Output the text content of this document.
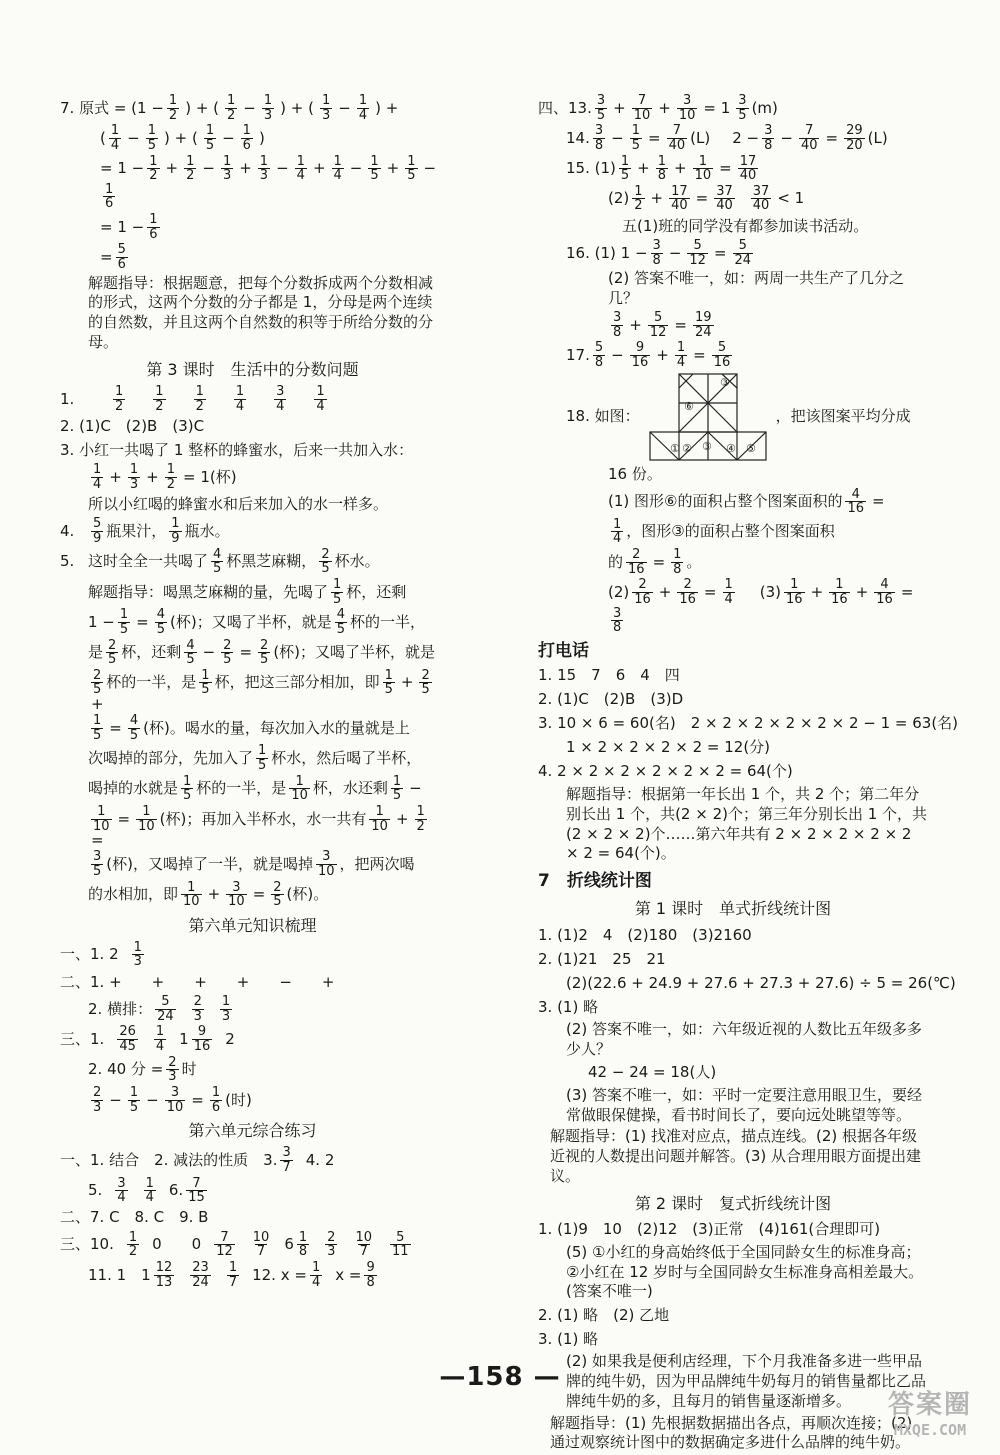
7. 原式 = ($1 - \frac{1}{2}$ ) + ( 1
$2 - \frac{1}{3}$ ) + ( 1
$3 - \frac{1}{4}$ ) +
( 1
$4 - \frac{1}{5}$ ) + ( 1
$5 - \frac{1}{6}$ )
= $1 - \frac{1}{2} + \frac{1}{2} - \frac{1}{3} + \frac{1}{3} - \frac{1}{4} + \frac{1}{4} - \frac{1}{5} + \frac{1}{5}$ −
$\frac{1}{6}$
= $1 - \frac{1}{6}$
= $\frac{5}{6}$
解题指导：根据题意，把每个分数拆成两个分数相减的形式，这两个分数的分子都是 1，分母是两个连续的自然数，并且这两个自然数的积等于所给分数的分母。
第 3 课时　生活中的分数问题
1.	1
2
1
2
1
2
1
4
3
4
1
4
2. (1)C　(2)B　(3)C
3. 小红一共喝了 1 整杯的蜂蜜水，后来一共加入水：
1
$4 + \frac{1}{3} + \frac{1}{2} = 1$(杯)
所以小红喝的蜂蜜水和后来加入的水一样多。
4.	5
9 瓶果汁， 1
9 瓶水。
5. 这时全全一共喝了 4
5 杯黑芝麻糊， 2
5 杯水。
解题指导：喝黑芝麻糊的量，先喝了 1
5 杯，还剩
$1 - \frac{1}{5} = \frac{4}{5}$ (杯)；又喝了半杯，就是 4
5 杯的一半，
是 2
5 杯，还剩 4
$5 - \frac{2}{5} = \frac{2}{5}$ (杯)；又喝了半杯，就是
2
5 杯的一半，是 1
5 杯，把这三部分相加，即 1
$5 + \frac{2}{5}$
+
$\frac{1}{5} = \frac{4}{5}$ (杯)。喝水的量，每次加入水的量就是上
次喝掉的部分，先加入了 1
5 杯水，然后喝了半杯，
喝掉的水就是 1
5 杯的一半，是 1
10 杯，水还剩 1
5 −
$\frac{1}{10} = \frac{1}{10}$ (杯)；再加入半杯水，水一共有 1
$10 + \frac{1}{2}$
=
3
5 (杯)，又喝掉了一半，就是喝掉 3
10 ，把两次喝
的水相加，即 1
$10 + \frac{3}{10} = \frac{2}{5}$ (杯)。
第六单元知识梳理
一、1. 2 1
3
二、1. +　　+　　+　　+　　−　　+
2. 横排： 5
24
2
3
1
3
三、1. 26
45
1
4 1 9
16 2
2. 40 分 = $\frac{2}{3}$ 时
2
$3 - \frac{1}{5} - \frac{3}{10} = \frac{1}{6}$ (时)
第六单元综合练习
一、1. 结合　2. 减法的性质　3. 3
7 4. 2
5. 3
4
1
4 6. 7
15
二、7. C　8. C　9. B
三、10. 1
2 0　　0 7
12
10
7 6 1
8
2
3
10
7
5
11
11. 1　1 12
13
23
24
1
7 12. $x = \frac{1}{4}$ $x = \frac{9}{8}$
四、13. 3
$5 + \frac{7}{10} + \frac{3}{10} = 1$ 3
5 (m)
14. 3
$8 - \frac{1}{5} = \frac{7}{40} (L) 2 - \frac{3}{8} - \frac{7}{40} = \frac{29}{20} (L)$
15. (1) 1
$5 + \frac{1}{8} + \frac{1}{10} = \frac{17}{40}$
(2) 1
$2 + \frac{17}{40} = \frac{37}{40} 37$
40 < 1
五(1)班的同学没有都参加读书活动。
16. (1) $1 - \frac{3}{8} - \frac{5}{12} = \frac{5}{24}$
(2) 答案不唯一，如：两周一共生产了几分之几？
3
$8 + \frac{5}{12} = \frac{19}{24}$
17. 5
$8 - \frac{9}{16} + \frac{1}{4} = \frac{5}{16}$
18. 如图：
① ② ③ ④ ⑤
⑥
③
，把该图案平均分成
16 份。
(1) 图形⑥的面积占整个图案面积的 $\frac{4}{16}$ =
1
4 ，图形③的面积占整个图案面积
的 $\frac{2}{16} = \frac{1}{8}$ 。
(2) 2
$16 + \frac{2}{16} = \frac{1}{4} (3)$ 1
$16 + \frac{1}{16} + \frac{4}{16}$ =
$\frac{3}{8}$
打电话
1. 15　7　6　4　四
2. (1)C　(2)B　(3)D
3. 10 × 6 = 60(名)　2 × 2 × 2 × 2 × 2 × 2 − 1 = 63(名)
1 × 2 × 2 × 2 × 2 = 12(分)
4. 2 × 2 × 2 × 2 × 2 × 2 = 64(个)
解题指导：根据第一年长出 1 个，共 2 个；第二年分别长出 1 个，共(2 × 2)个；第三年分别长出 1 个，共(2 × 2 × 2)个……第六年共有 2 × 2 × 2 × 2 × 2 × 2 = 64(个)。
7　折线统计图
第 1 课时　单式折线统计图
1. (1)2　4　(2)180　(3)2160
2. (1)21　25　21
(2)(22.6 + 24.9 + 27.6 + 27.3 + 27.6) ÷ 5 = 26(℃)
3. (1) 略
(2) 答案不唯一，如：六年级近视的人数比五年级多多少人？
42 − 24 = 18(人)
(3) 答案不唯一，如：平时一定要注意用眼卫生，要经常做眼保健操，看书时间长了，要向远处眺望等等。
解题指导：(1) 找准对应点，描点连线。(2) 根据各年级近视的人数提出问题并解答。(3) 从合理用眼方面提出建议。
第 2 课时　复式折线统计图
1. (1)9　10　(2)12　(3)正常　(4)161(合理即可)
(5) ①小红的身高始终低于全国同龄女生的标准身高；②小红在 12 岁时与全国同龄女生标准身高相差最大。(答案不唯一)
2. (1) 略　(2) 乙地
3. (1) 略
(2) 如果我是便利店经理，下个月我准备多进一些甲品牌的纯牛奶，因为甲品牌纯牛奶每月的销售量都比乙品牌纯牛奶的多，且每月的销售量逐渐增多。
解题指导：(1) 先根据数据描出各点，再顺次连接；(2) 通过观察统计图中的数据确定多进什么品牌的纯牛奶。
—158 —
答案圈
MXQE.COM
